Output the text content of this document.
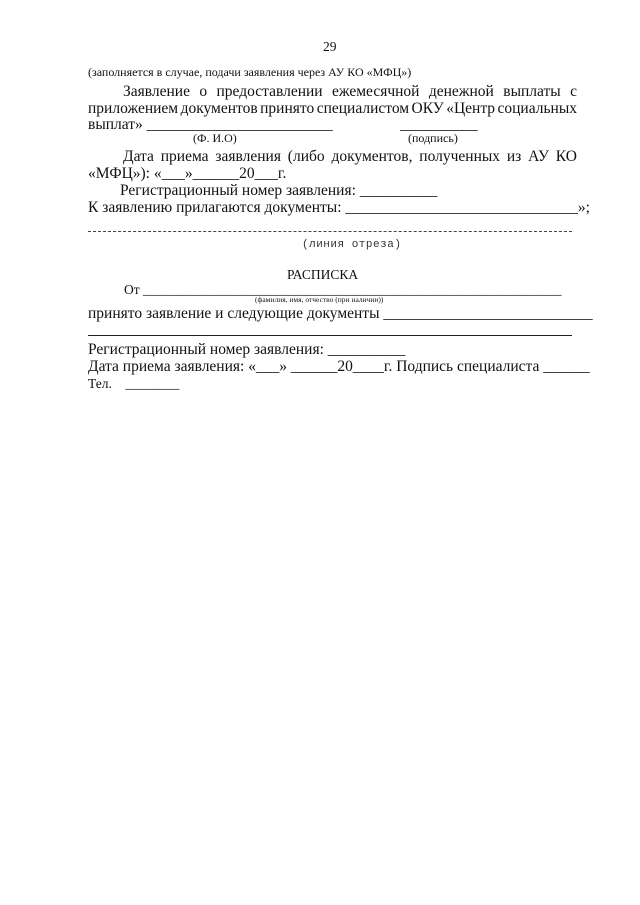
29
(заполняется в случае, подачи заявления через АУ КО «МФЦ»)
Заявление о предоставлении ежемесячной денежной выплаты с
приложением документов принято специалистом ОКУ «Центр социальных
выплат» ________________________	__________
(Ф. И.О)	(подпись)
Дата приема заявления (либо документов, полученных из АУ КО
«МФЦ»): «___»______20___г.
Регистрационный номер заявления: __________
К заявлению прилагаются документы: ______________________________»;
(линия отреза)
РАСПИСКА
От ______________________________________________________________
(фамилия, имя, отчество (при наличии))
принято заявление и следующие документы ___________________________
Регистрационный номер заявления: __________
Дата приема заявления: «___» ______20____г. Подпись специалиста ______
Тел.    ________
